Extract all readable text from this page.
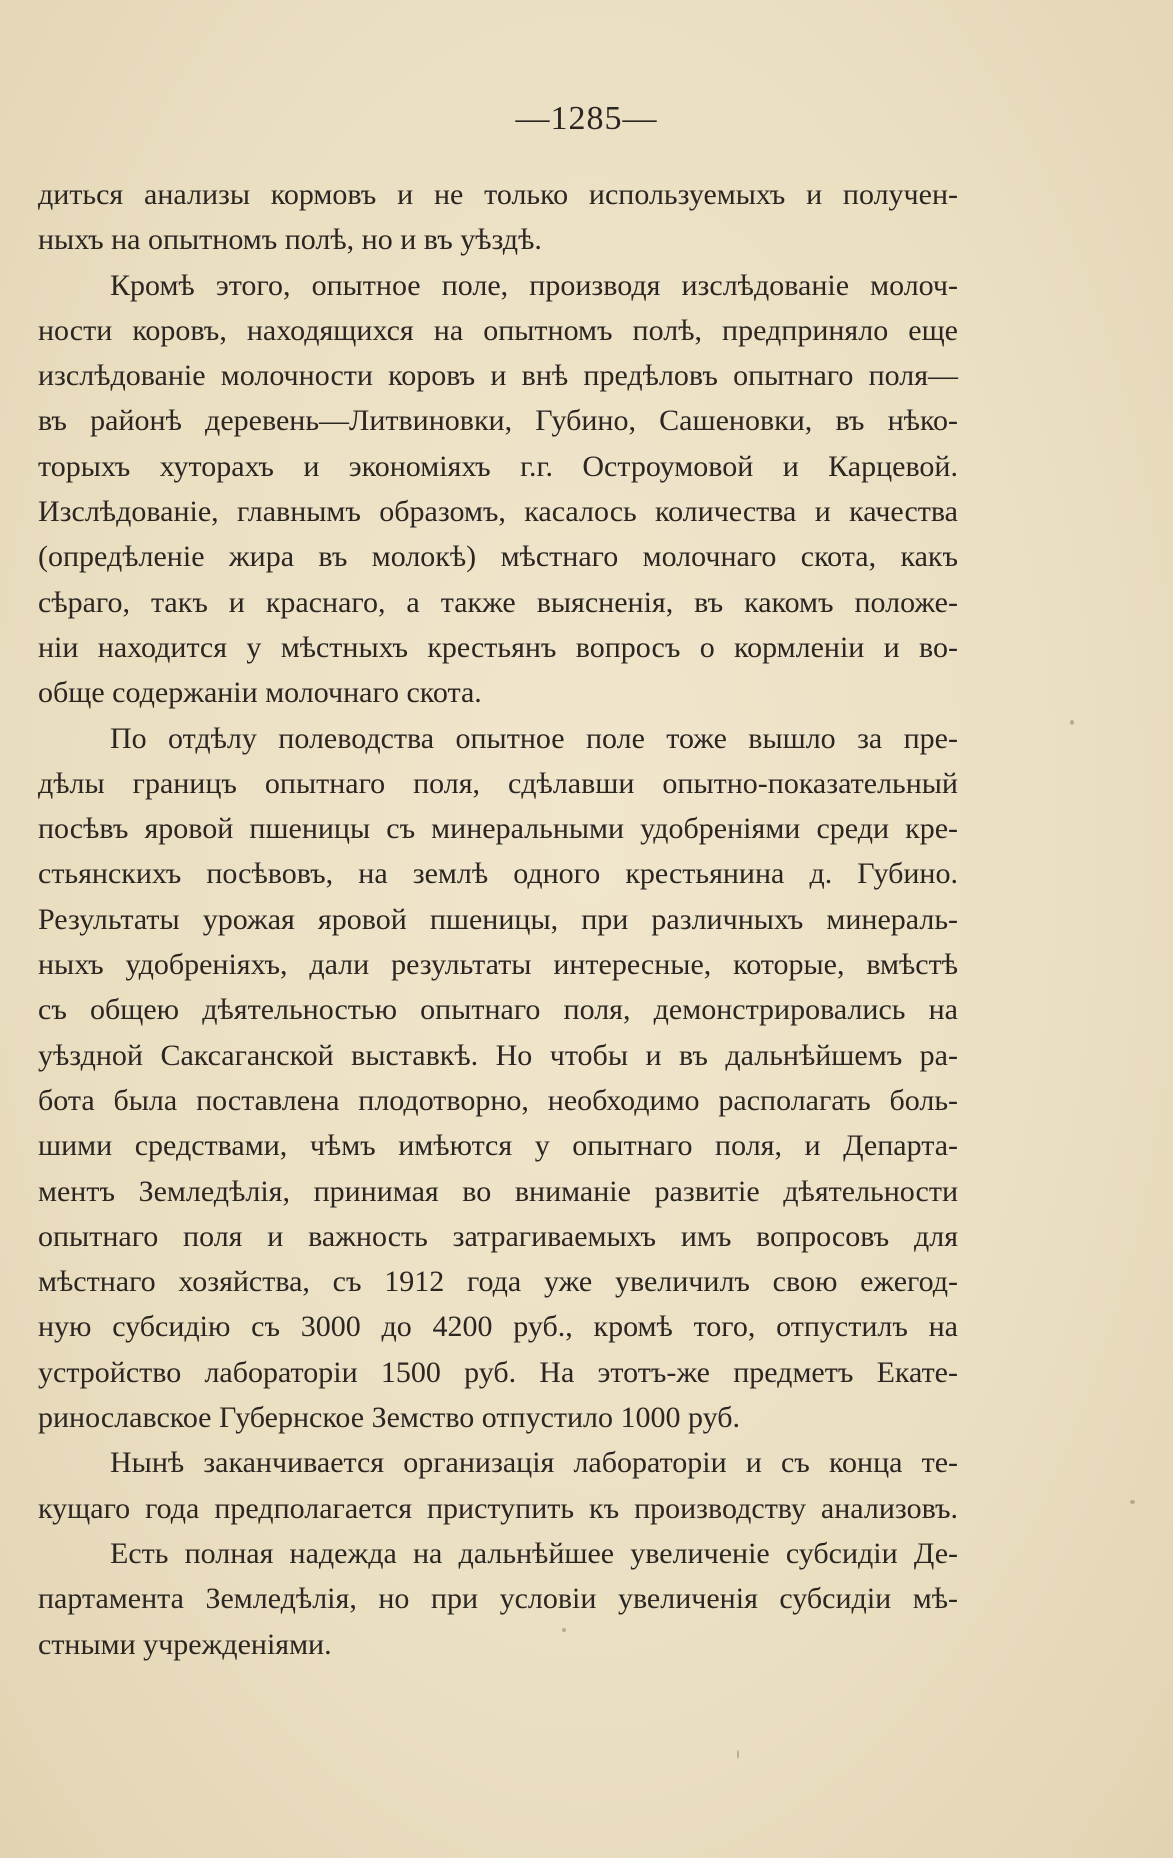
—1285—
диться анализы кормовъ и не только используемыхъ и получен-
ныхъ на опытномъ полѣ, но и въ уѣздѣ.
Кромѣ этого, опытное поле, производя изслѣдованіе молоч-
ности коровъ, находящихся на опытномъ полѣ, предприняло еще
изслѣдованіе молочности коровъ и внѣ предѣловъ опытнаго поля—
въ районѣ деревень—Литвиновки, Губино, Сашеновки, въ нѣко-
торыхъ хуторахъ и экономіяхъ г.г. Остроумовой и Карцевой.
Изслѣдованіе, главнымъ образомъ, касалось количества и качества
(опредѣленіе жира въ молокѣ) мѣстнаго молочнаго скота, какъ
сѣраго, такъ и краснаго, а также выясненія, въ какомъ положе-
ніи находится у мѣстныхъ крестьянъ вопросъ о кормленіи и во-
обще содержаніи молочнаго скота.
По отдѣлу полеводства опытное поле тоже вышло за пре-
дѣлы границъ опытнаго поля, сдѣлавши опытно-показательный
посѣвъ яровой пшеницы съ минеральными удобреніями среди кре-
стьянскихъ посѣвовъ, на землѣ одного крестьянина д. Губино.
Результаты урожая яровой пшеницы, при различныхъ минераль-
ныхъ удобреніяхъ, дали результаты интересные, которые, вмѣстѣ
съ общею дѣятельностью опытнаго поля, демонстрировались на
уѣздной Саксаганской выставкѣ. Но чтобы и въ дальнѣйшемъ ра-
бота была поставлена плодотворно, необходимо располагать боль-
шими средствами, чѣмъ имѣются у опытнаго поля, и Департа-
ментъ Земледѣлія, принимая во вниманіе развитіе дѣятельности
опытнаго поля и важность затрагиваемыхъ имъ вопросовъ для
мѣстнаго хозяйства, съ 1912 года уже увеличилъ свою ежегод-
ную субсидію съ 3000 до 4200 руб., кромѣ того, отпустилъ на
устройство лабораторіи 1500 руб. На этотъ-же предметъ Екате-
ринославское Губернское Земство отпустило 1000 руб.
Нынѣ заканчивается организація лабораторіи и съ конца те-
кущаго года предполагается приступить къ производству анализовъ.
Есть полная надежда на дальнѣйшее увеличеніе субсидіи Де-
партамента Земледѣлія, но при условіи увеличенія субсидіи мѣ-
стными учрежденіями.
